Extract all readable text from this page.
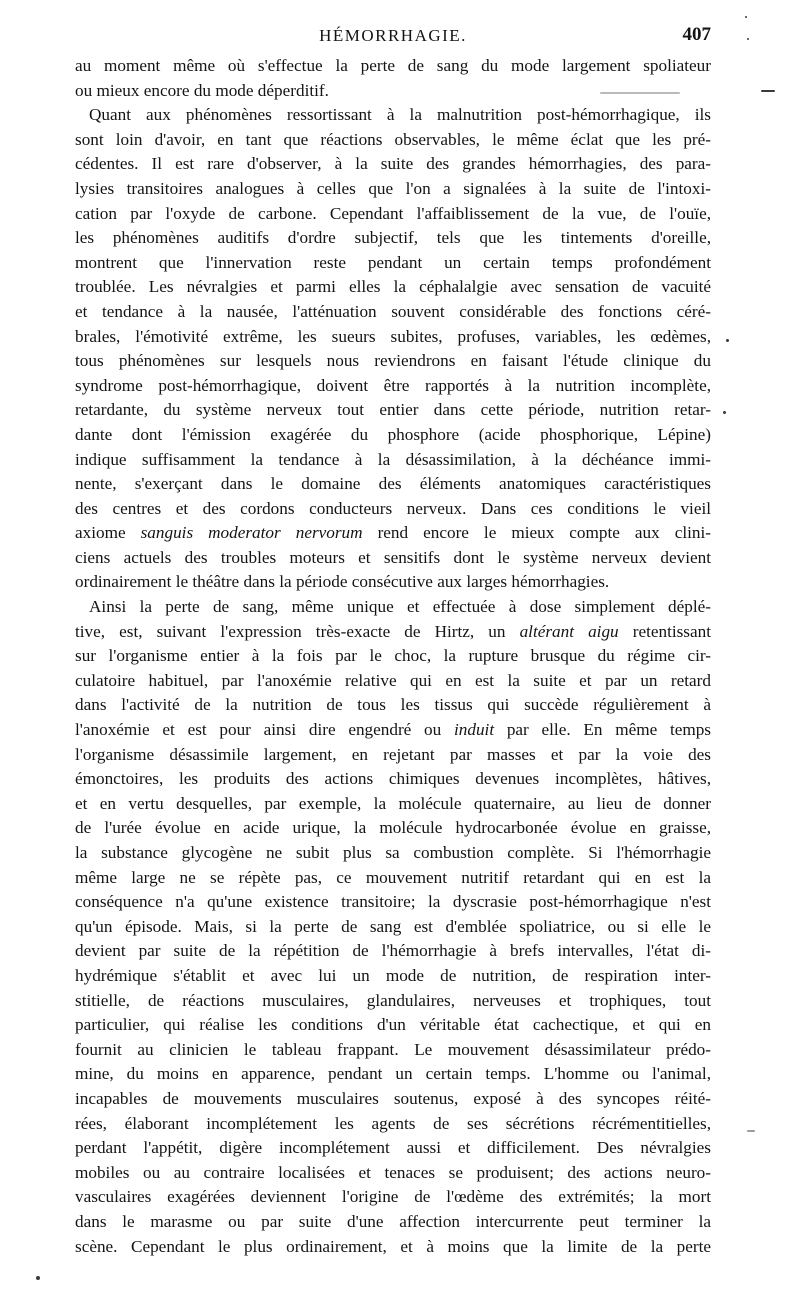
HÉMORRHAGIE.	407
au moment même où s'effectue la perte de sang du mode largement spoliateur
ou mieux encore du mode déperditif.
Quant aux phénomènes ressortissant à la malnutrition post-hémorrhagique, ils
sont loin d'avoir, en tant que réactions observables, le même éclat que les pré-
cédentes. Il est rare d'observer, à la suite des grandes hémorrhagies, des para-
lysies transitoires analogues à celles que l'on a signalées à la suite de l'intoxi-
cation par l'oxyde de carbone. Cependant l'affaiblissement de la vue, de l'ouïe,
les phénomènes auditifs d'ordre subjectif, tels que les tintements d'oreille,
montrent que l'innervation reste pendant un certain temps profondément
troublée. Les névralgies et parmi elles la céphalalgie avec sensation de vacuité
et tendance à la nausée, l'atténuation souvent considérable des fonctions céré-
brales, l'émotivité extrême, les sueurs subites, profuses, variables, les œdèmes,
tous phénomènes sur lesquels nous reviendrons en faisant l'étude clinique du
syndrome post-hémorrhagique, doivent être rapportés à la nutrition incomplète,
retardante, du système nerveux tout entier dans cette période, nutrition retar-
dante dont l'émission exagérée du phosphore (acide phosphorique, Lépine)
indique suffisamment la tendance à la désassimilation, à la déchéance immi-
nente, s'exerçant dans le domaine des éléments anatomiques caractéristiques
des centres et des cordons conducteurs nerveux. Dans ces conditions le vieil
axiome sanguis moderator nervorum rend encore le mieux compte aux clini-
ciens actuels des troubles moteurs et sensitifs dont le système nerveux devient
ordinairement le théâtre dans la période consécutive aux larges hémorrhagies.
Ainsi la perte de sang, même unique et effectuée à dose simplement déplé-
tive, est, suivant l'expression très-exacte de Hirtz, un altérant aigu retentissant
sur l'organisme entier à la fois par le choc, la rupture brusque du régime cir-
culatoire habituel, par l'anoxémie relative qui en est la suite et par un retard
dans l'activité de la nutrition de tous les tissus qui succède régulièrement à
l'anoxémie et est pour ainsi dire engendré ou induit par elle. En même temps
l'organisme désassimile largement, en rejetant par masses et par la voie des
émonctoires, les produits des actions chimiques devenues incomplètes, hâtives,
et en vertu desquelles, par exemple, la molécule quaternaire, au lieu de donner
de l'urée évolue en acide urique, la molécule hydrocarbonée évolue en graisse,
la substance glycogène ne subit plus sa combustion complète. Si l'hémorrhagie
même large ne se répète pas, ce mouvement nutritif retardant qui en est la
conséquence n'a qu'une existence transitoire; la dyscrasie post-hémorrhagique n'est
qu'un épisode. Mais, si la perte de sang est d'emblée spoliatrice, ou si elle le
devient par suite de la répétition de l'hémorrhagie à brefs intervalles, l'état di-
hydrémique s'établit et avec lui un mode de nutrition, de respiration inter-
stitielle, de réactions musculaires, glandulaires, nerveuses et trophiques, tout
particulier, qui réalise les conditions d'un véritable état cachectique, et qui en
fournit au clinicien le tableau frappant. Le mouvement désassimilateur prédo-
mine, du moins en apparence, pendant un certain temps. L'homme ou l'animal,
incapables de mouvements musculaires soutenus, exposé à des syncopes réité-
rées, élaborant incomplétement les agents de ses sécrétions récrémentitielles,
perdant l'appétit, digère incomplétement aussi et difficilement. Des névralgies
mobiles ou au contraire localisées et tenaces se produisent; des actions neuro-
vasculaires exagérées deviennent l'origine de l'œdème des extrémités; la mort
dans le marasme ou par suite d'une affection intercurrente peut terminer la
scène. Cependant le plus ordinairement, et à moins que la limite de la perte
